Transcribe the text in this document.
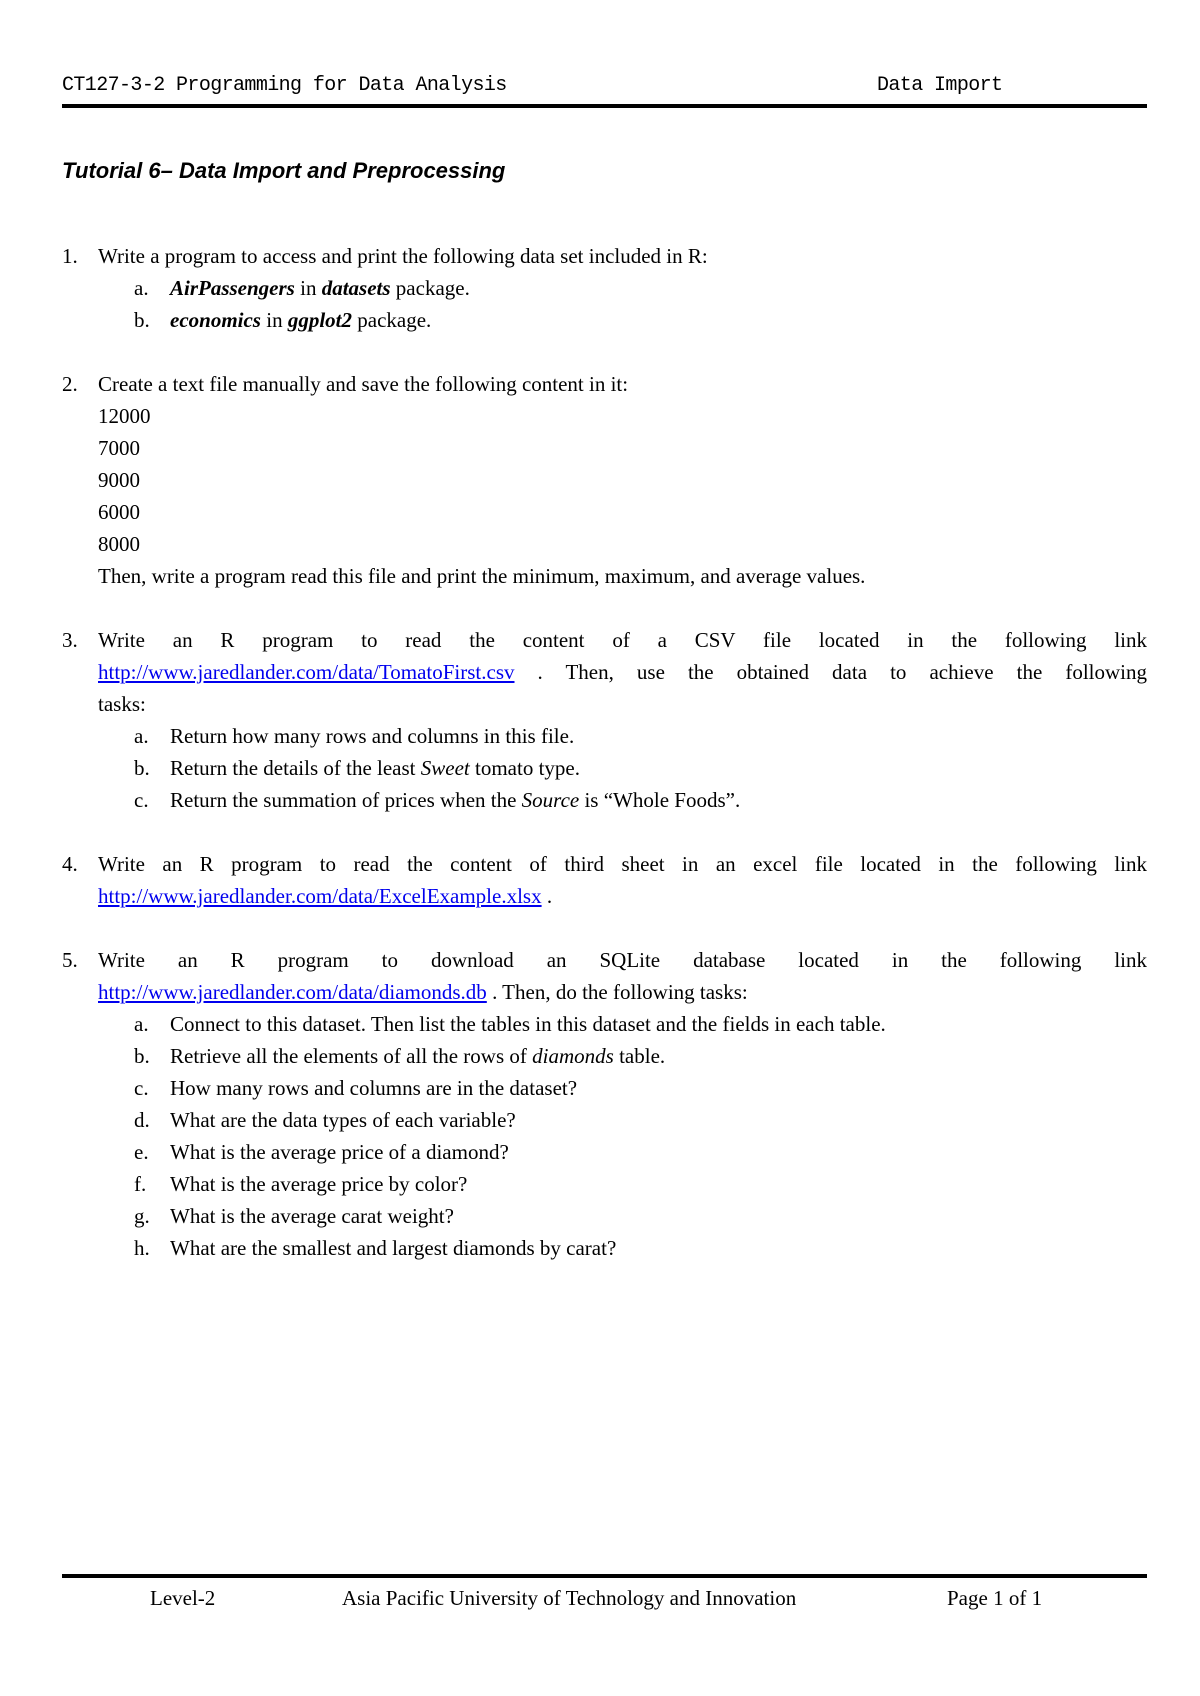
CT127-3-2 Programming for Data Analysis	Data Import
Tutorial 6– Data Import and Preprocessing
1. Write a program to access and print the following data set included in R:
a. AirPassengers in datasets package.
b. economics in ggplot2 package.
2. Create a text file manually and save the following content in it:
12000
7000
9000
6000
8000
Then, write a program read this file and print the minimum, maximum, and average values.
3. Write an R program to read the content of a CSV file located in the following link
http://www.jaredlander.com/data/TomatoFirst.csv . Then, use the obtained data to achieve the following
tasks:
a. Return how many rows and columns in this file.
b. Return the details of the least Sweet tomato type.
c. Return the summation of prices when the Source is “Whole Foods”.
4. Write an R program to read the content of third sheet in an excel file located in the following link
http://www.jaredlander.com/data/ExcelExample.xlsx .
5. Write an R program to download an SQLite database located in the following link
http://www.jaredlander.com/data/diamonds.db . Then, do the following tasks:
a. Connect to this dataset. Then list the tables in this dataset and the fields in each table.
b. Retrieve all the elements of all the rows of diamonds table.
c. How many rows and columns are in the dataset?
d. What are the data types of each variable?
e. What is the average price of a diamond?
f. What is the average price by color?
g. What is the average carat weight?
h. What are the smallest and largest diamonds by carat?
Level-2	Asia Pacific University of Technology and Innovation	Page 1 of 1
